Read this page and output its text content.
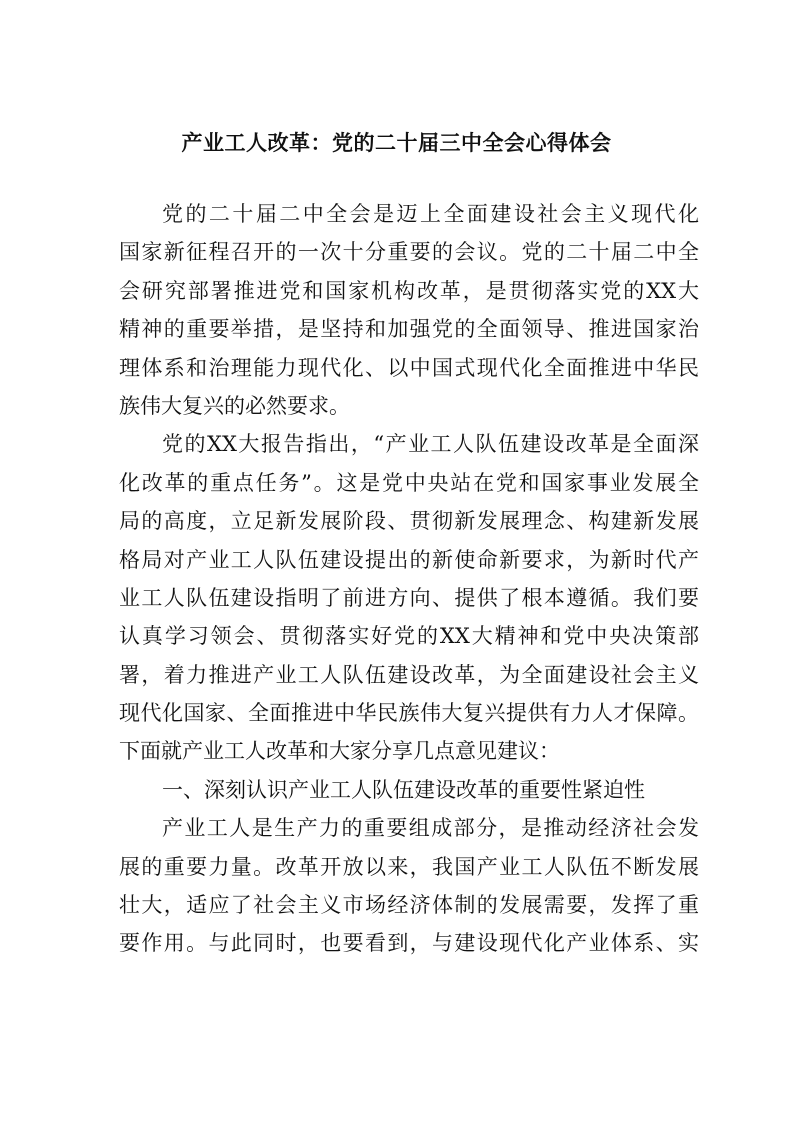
产业工人改革：党的二十届三中全会心得体会
党的二十届二中全会是迈上全面建设社会主义现代化
国家新征程召开的一次十分重要的会议。党的二十届二中全
会研究部署推进党和国家机构改革，是贯彻落实党的XX大
精神的重要举措，是坚持和加强党的全面领导、推进国家治
理体系和治理能力现代化、以中国式现代化全面推进中华民
族伟大复兴的必然要求。
党的XX大报告指出，“产业工人队伍建设改革是全面深
化改革的重点任务”。这是党中央站在党和国家事业发展全
局的高度，立足新发展阶段、贯彻新发展理念、构建新发展
格局对产业工人队伍建设提出的新使命新要求，为新时代产
业工人队伍建设指明了前进方向、提供了根本遵循。我们要
认真学习领会、贯彻落实好党的XX大精神和党中央决策部
署，着力推进产业工人队伍建设改革，为全面建设社会主义
现代化国家、全面推进中华民族伟大复兴提供有力人才保障。
下面就产业工人改革和大家分享几点意见建议：
一、深刻认识产业工人队伍建设改革的重要性紧迫性
产业工人是生产力的重要组成部分，是推动经济社会发
展的重要力量。改革开放以来，我国产业工人队伍不断发展
壮大，适应了社会主义市场经济体制的发展需要，发挥了重
要作用。与此同时，也要看到，与建设现代化产业体系、实
